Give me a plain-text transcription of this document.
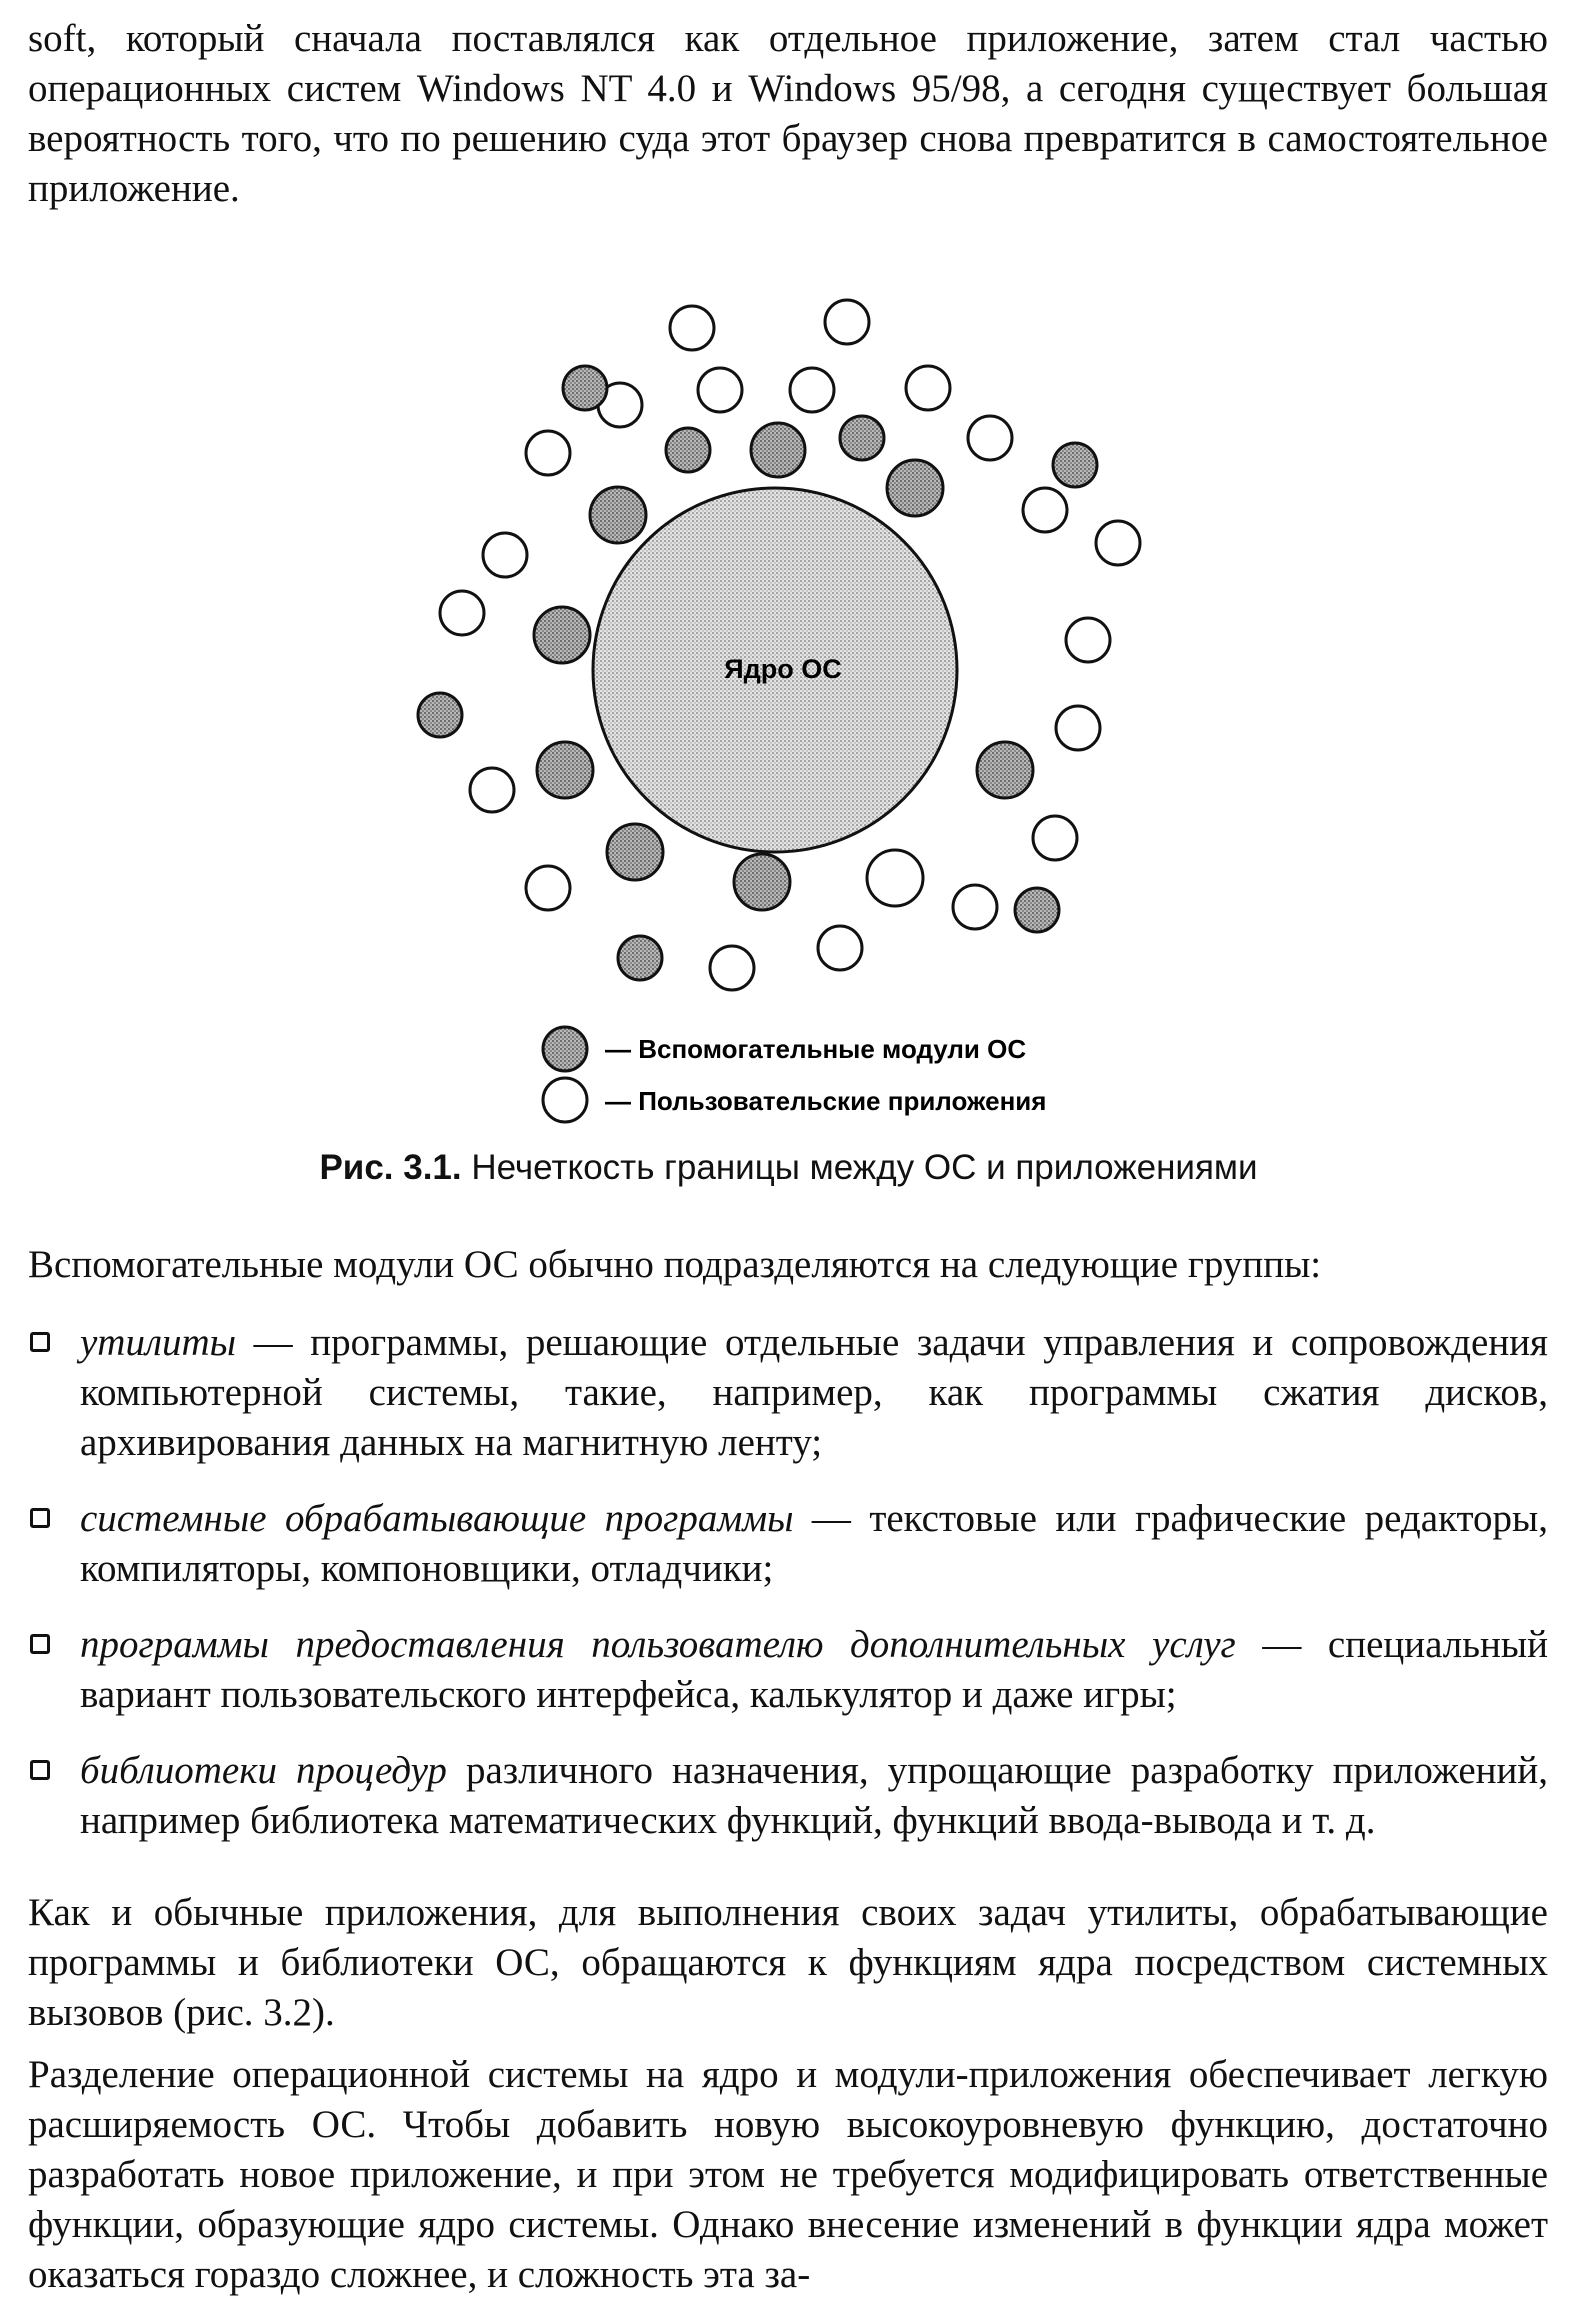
soft, который сначала поставлялся как отдельное приложение, затем стал частью операционных систем Windows NT 4.0 и Windows 95/98, а сегодня существует большая вероятность того, что по решению суда этот браузер снова превратится в самостоятельное приложение.

Ядро ОС
— Вспомогательные модули ОС
— Пользовательские приложения
Рис. 3.1. Нечеткость границы между ОС и приложениями

Вспомогательные модули ОС обычно подразделяются на следующие группы:

утилиты — программы, решающие отдельные задачи управления и сопровождения компьютерной системы, такие, например, как программы сжатия дисков, архивирования данных на магнитную ленту;
системные обрабатывающие программы — текстовые или графические редакторы, компиляторы, компоновщики, отладчики;
программы предоставления пользователю дополнительных услуг — специальный вариант пользовательского интерфейса, калькулятор и даже игры;
библиотеки процедур различного назначения, упрощающие разработку приложений, например библиотека математических функций, функций ввода-вывода и т. д.

Как и обычные приложения, для выполнения своих задач утилиты, обрабатывающие программы и библиотеки ОС, обращаются к функциям ядра посредством системных вызовов (рис. 3.2).

Разделение операционной системы на ядро и модули-приложения обеспечивает легкую расширяемость ОС. Чтобы добавить новую высокоуровневую функцию, достаточно разработать новое приложение, и при этом не требуется модифицировать ответственные функции, образующие ядро системы. Однако внесение изменений в функции ядра может оказаться гораздо сложнее, и сложность эта за-
